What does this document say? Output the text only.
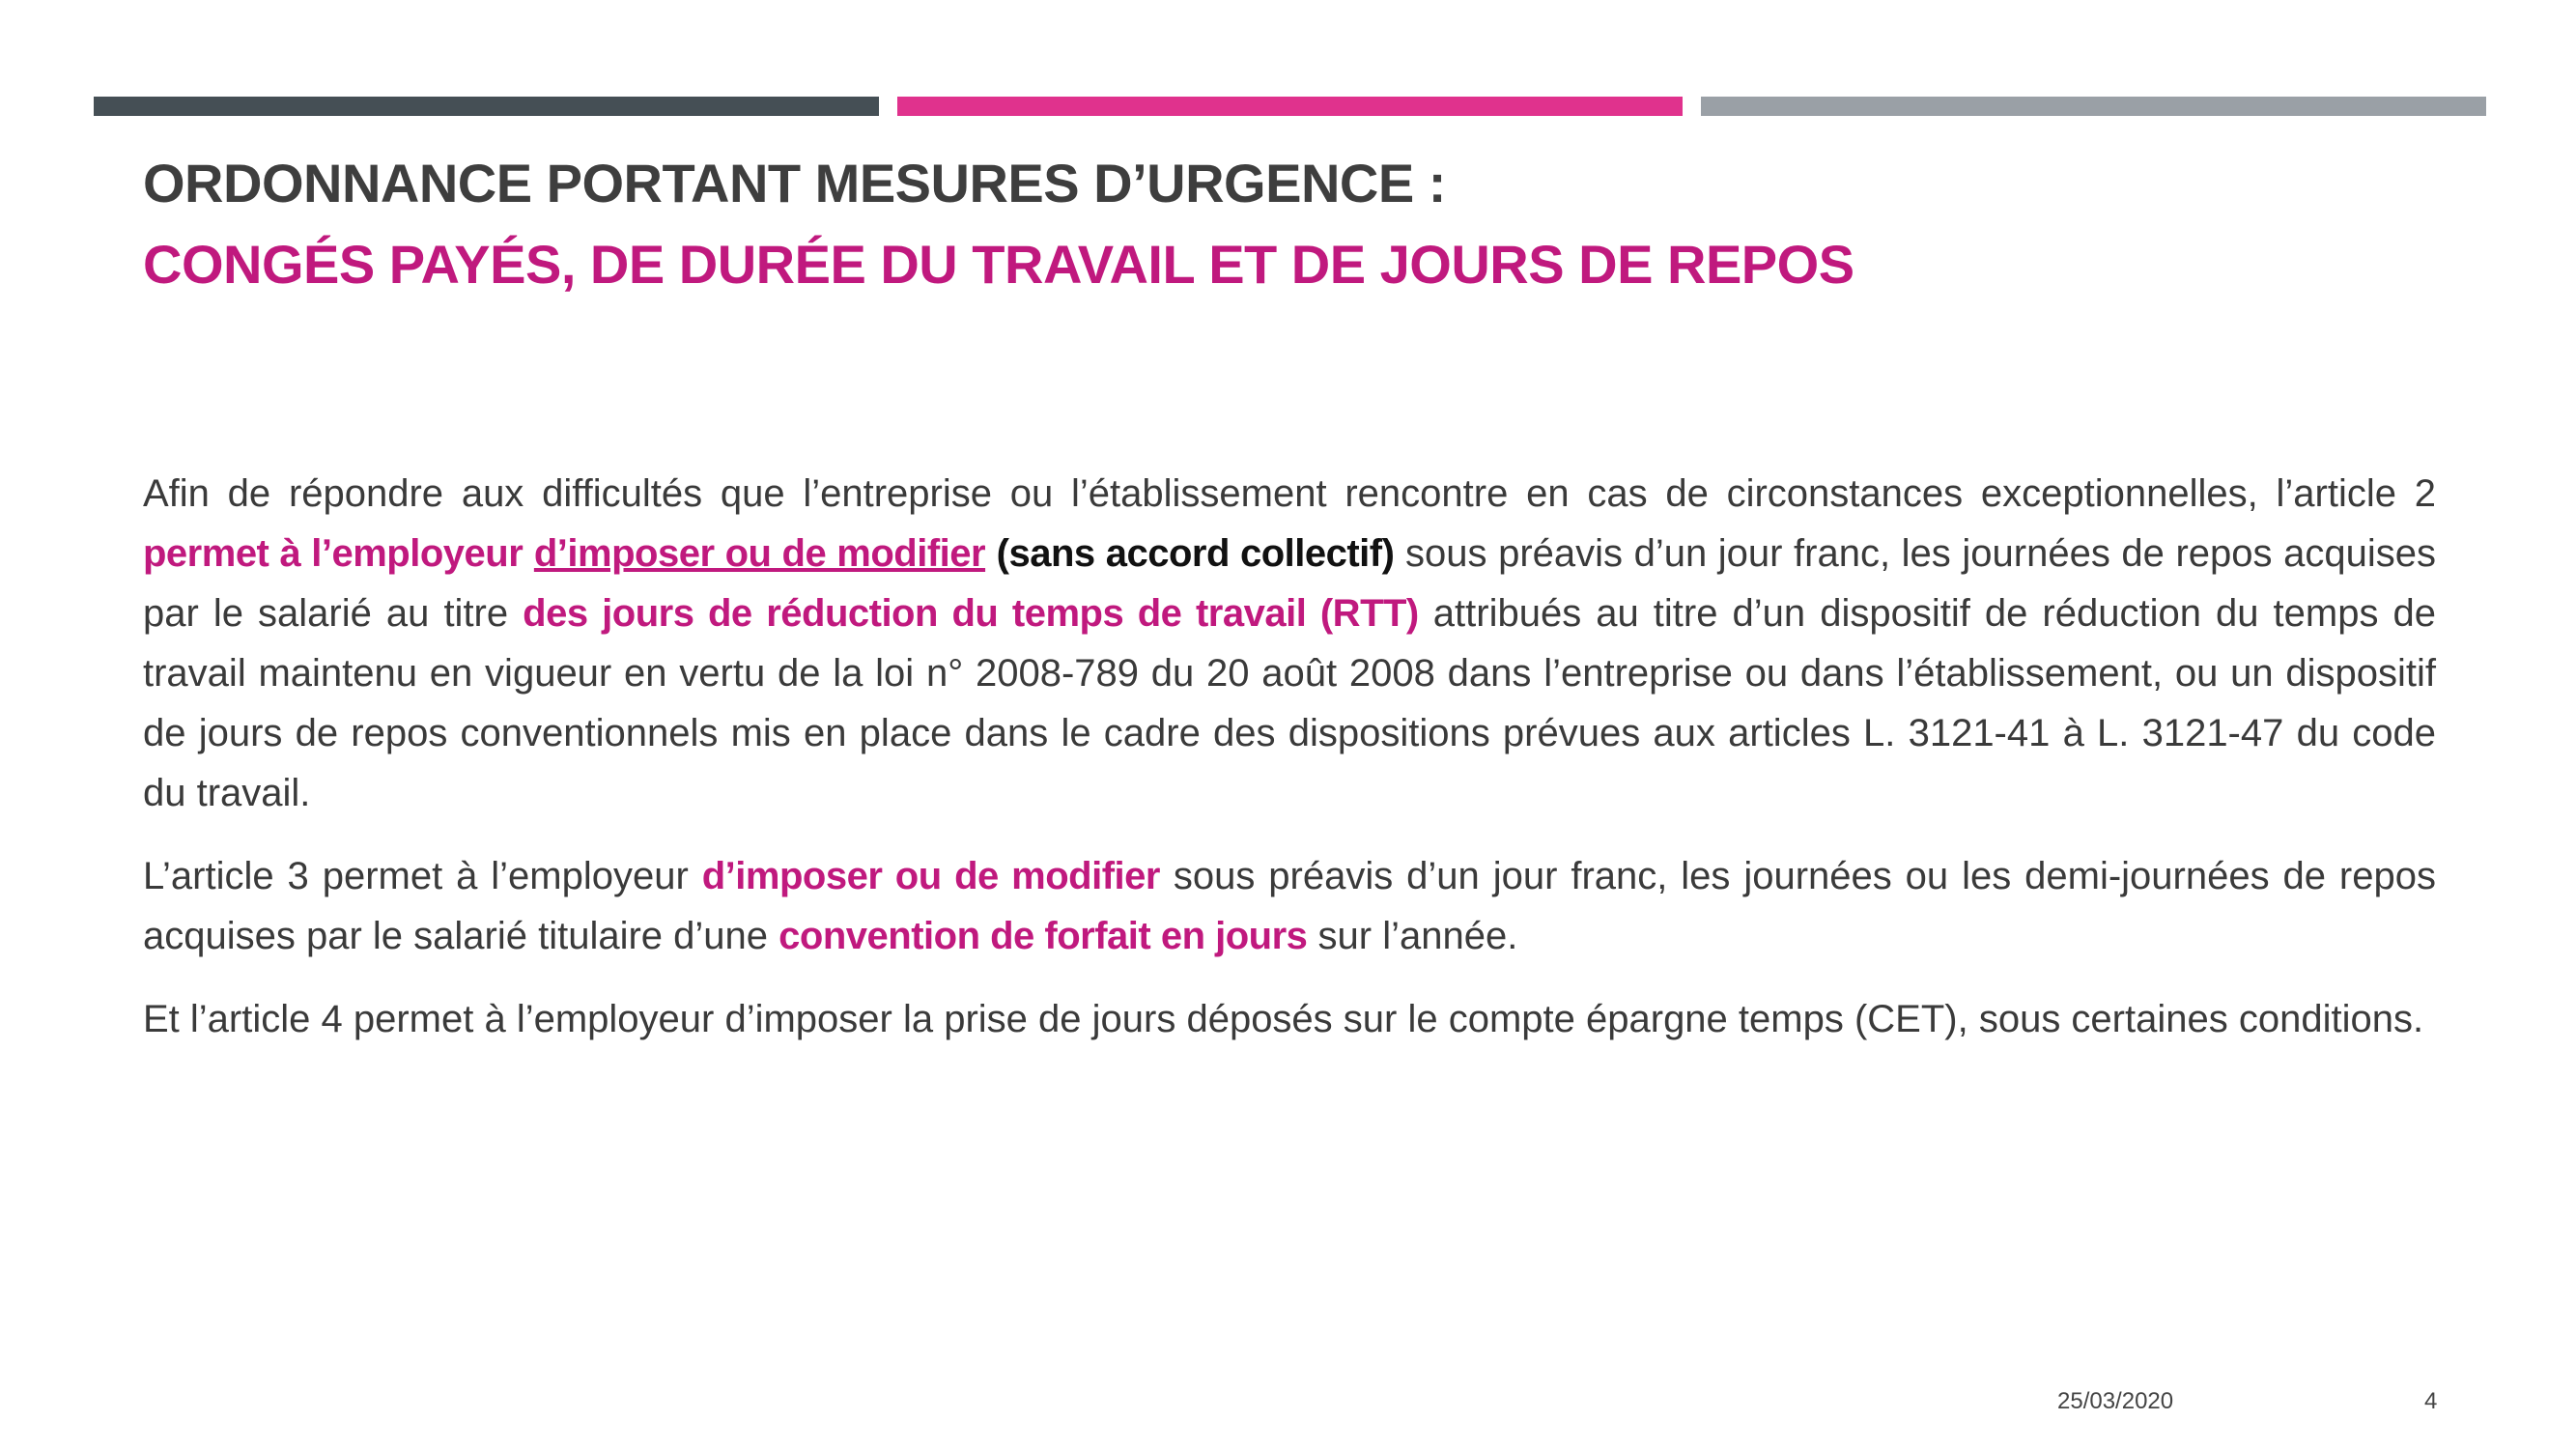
ORDONNANCE PORTANT MESURES D’URGENCE :
CONGÉS PAYÉS, DE DURÉE DU TRAVAIL ET DE JOURS DE REPOS

Afin de répondre aux difficultés que l’entreprise ou l’établissement rencontre en cas de circonstances exceptionnelles, l’article 2 permet à l’employeur d’imposer ou de modifier (sans accord collectif) sous préavis d’un jour franc, les journées de repos acquises par le salarié au titre des jours de réduction du temps de travail (RTT) attribués au titre d’un dispositif de réduction du temps de travail maintenu en vigueur en vertu de la loi n° 2008-789 du 20 août 2008 dans l’entreprise ou dans l’établissement, ou un dispositif de jours de repos conventionnels mis en place dans le cadre des dispositions prévues aux articles L. 3121-41 à L. 3121-47 du code du travail.

L’article 3 permet à l’employeur d’imposer ou de modifier sous préavis d’un jour franc, les journées ou les demi-journées de repos acquises par le salarié titulaire d’une convention de forfait en jours sur l’année.

Et l’article 4 permet à l’employeur d’imposer la prise de jours déposés sur le compte épargne temps (CET), sous certaines conditions.

25/03/2020	4
